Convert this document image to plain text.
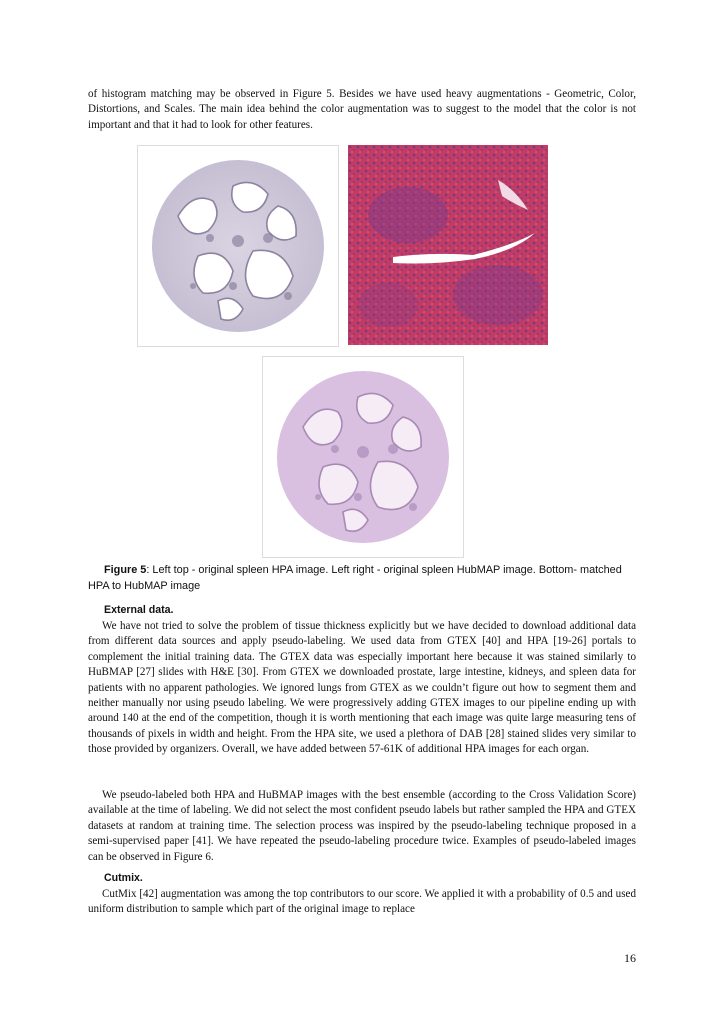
of histogram matching may be observed in Figure 5. Besides we have used heavy augmentations - Geometric, Color, Distortions, and Scales. The main idea behind the color augmentation was to suggest to the model that the color is not important and that it had to look for other features.

Figure 5: Left top - original spleen HPA image. Left right - original spleen HubMAP image. Bottom- matched HPA to HubMAP image

External data.

We have not tried to solve the problem of tissue thickness explicitly but we have decided to download additional data from different data sources and apply pseudo-labeling. We used data from GTEX [40] and HPA [19-26] portals to complement the initial training data. The GTEX data was especially important here because it was stained similarly to HuBMAP [27] slides with H&E [30]. From GTEX we downloaded prostate, large intestine, kidneys, and spleen data for patients with no apparent pathologies. We ignored lungs from GTEX as we couldn’t figure out how to segment them and neither manually nor using pseudo labeling. We were progressively adding GTEX images to our pipeline ending up with around 140 at the end of the competition, though it is worth mentioning that each image was quite large measuring tens of thousands of pixels in width and height. From the HPA site, we used a plethora of DAB [28] stained slides very similar to those provided by organizers. Overall, we have added between 57-61K of additional HPA images for each organ.

We pseudo-labeled both HPA and HuBMAP images with the best ensemble (according to the Cross Validation Score) available at the time of labeling. We did not select the most confident pseudo labels but rather sampled the HPA and GTEX datasets at random at training time. The selection process was inspired by the pseudo-labeling technique proposed in a semi-supervised paper [41]. We have repeated the pseudo-labeling procedure twice. Examples of pseudo-labeled images can be observed in Figure 6.

Cutmix.

CutMix [42] augmentation was among the top contributors to our score. We applied it with a probability of 0.5 and used uniform distribution to sample which part of the original image to replace

16
